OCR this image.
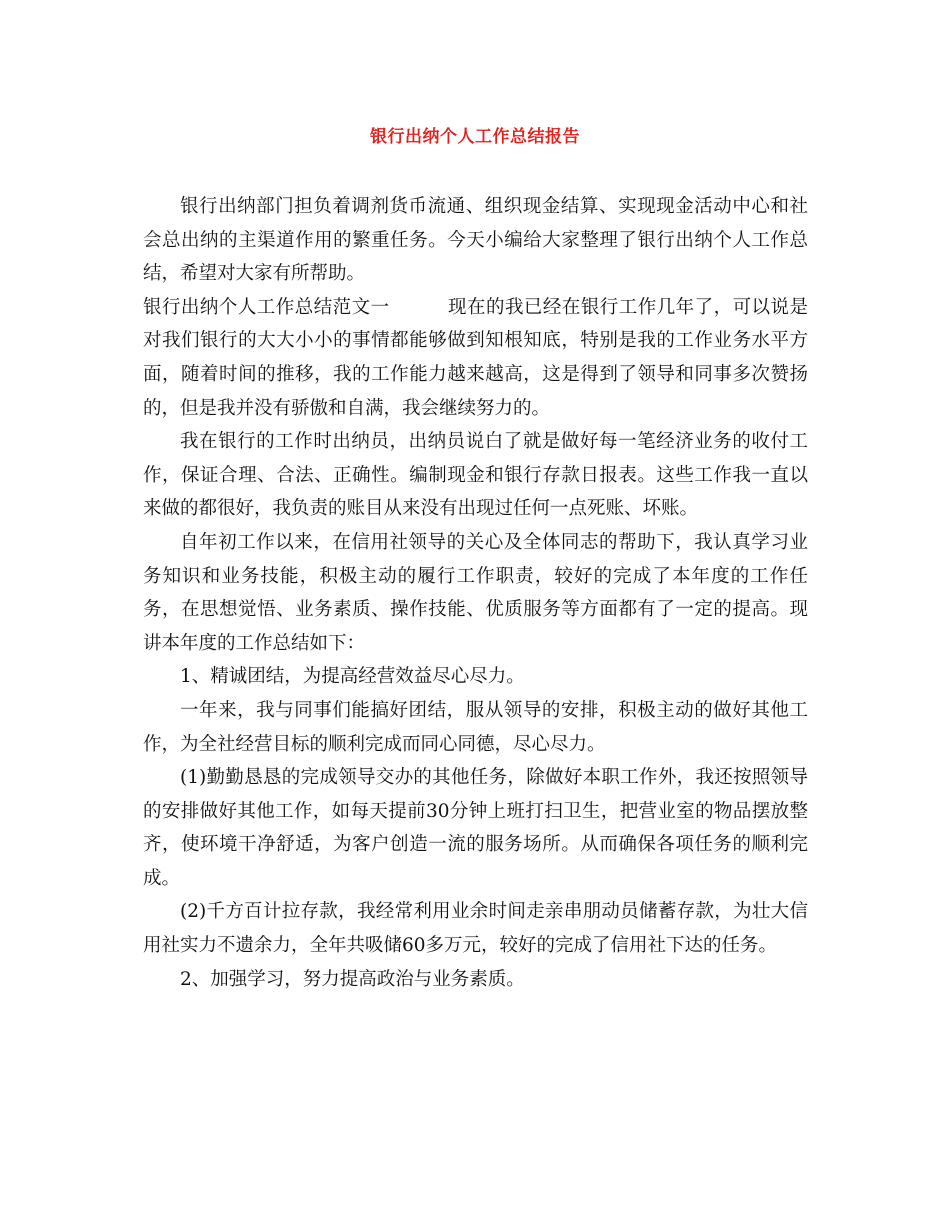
银行出纳个人工作总结报告

银行出纳部门担负着调剂货币流通、组织现金结算、实现现金活动中心和社会总出纳的主渠道作用的繁重任务。今天小编给大家整理了银行出纳个人工作总结，希望对大家有所帮助。

银行出纳个人工作总结范文一	现在的我已经在银行工作几年了，可以说是对我们银行的大大小小的事情都能够做到知根知底，特别是我的工作业务水平方面，随着时间的推移，我的工作能力越来越高，这是得到了领导和同事多次赞扬的，但是我并没有骄傲和自满，我会继续努力的。

我在银行的工作时出纳员，出纳员说白了就是做好每一笔经济业务的收付工作，保证合理、合法、正确性。编制现金和银行存款日报表。这些工作我一直以来做的都很好，我负责的账目从来没有出现过任何一点死账、坏账。

自年初工作以来，在信用社领导的关心及全体同志的帮助下，我认真学习业务知识和业务技能，积极主动的履行工作职责，较好的完成了本年度的工作任务，在思想觉悟、业务素质、操作技能、优质服务等方面都有了一定的提高。现讲本年度的工作总结如下：

1、精诚团结，为提高经营效益尽心尽力。

一年来，我与同事们能搞好团结，服从领导的安排，积极主动的做好其他工作，为全社经营目标的顺利完成而同心同德，尽心尽力。

(1)勤勤恳恳的完成领导交办的其他任务，除做好本职工作外，我还按照领导的安排做好其他工作，如每天提前30分钟上班打扫卫生，把营业室的物品摆放整齐，使环境干净舒适，为客户创造一流的服务场所。从而确保各项任务的顺利完成。

(2)千方百计拉存款，我经常利用业余时间走亲串朋动员储蓄存款，为壮大信用社实力不遗余力，全年共吸储60多万元，较好的完成了信用社下达的任务。

2、加强学习，努力提高政治与业务素质。
